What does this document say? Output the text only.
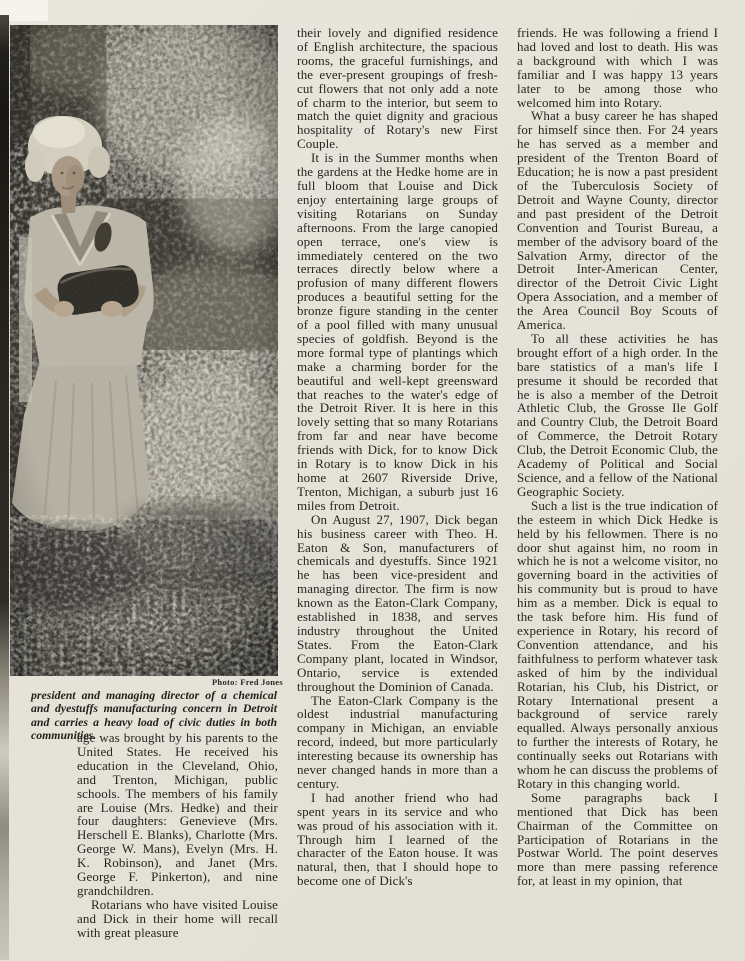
Photo: Fred Jones

president and managing director of a chemical and dyestuffs manufacturing concern in Detroit and carries a heavy load of civic duties in both communities.

age was brought by his parents to the United States. He received his education in the Cleveland, Ohio, and Trenton, Michigan, public schools. The members of his family are Louise (Mrs. Hedke) and their four daughters: Genevieve (Mrs. Herschell E. Blanks), Charlotte (Mrs. George W. Mans), Evelyn (Mrs. H. K. Robinson), and Janet (Mrs. George F. Pinkerton), and nine grandchildren.

Rotarians who have visited Louise and Dick in their home will recall with great pleasure

their lovely and dignified residence of English architecture, the spacious rooms, the graceful furnishings, and the ever-present groupings of fresh-cut flowers that not only add a note of charm to the interior, but seem to match the quiet dignity and gracious hospitality of Rotary's new First Couple.

It is in the Summer months when the gardens at the Hedke home are in full bloom that Louise and Dick enjoy entertaining large groups of visiting Rotarians on Sunday afternoons. From the large canopied open terrace, one's view is immediately centered on the two terraces directly below where a profusion of many different flowers produces a beautiful setting for the bronze figure standing in the center of a pool filled with many unusual species of goldfish. Beyond is the more formal type of plantings which make a charming border for the beautiful and well-kept greensward that reaches to the water's edge of the Detroit River. It is here in this lovely setting that so many Rotarians from far and near have become friends with Dick, for to know Dick in Rotary is to know Dick in his home at 2607 Riverside Drive, Trenton, Michigan, a suburb just 16 miles from Detroit.

On August 27, 1907, Dick began his business career with Theo. H. Eaton & Son, manufacturers of chemicals and dyestuffs. Since 1921 he has been vice-president and managing director. The firm is now known as the Eaton-Clark Company, established in 1838, and serves industry throughout the United States. From the Eaton-Clark Company plant, located in Windsor, Ontario, service is extended throughout the Dominion of Canada.

The Eaton-Clark Company is the oldest industrial manufacturing company in Michigan, an enviable record, indeed, but more particularly interesting because its ownership has never changed hands in more than a century.

I had another friend who had spent years in its service and who was proud of his association with it. Through him I learned of the character of the Eaton house. It was natural, then, that I should hope to become one of Dick's

friends. He was following a friend I had loved and lost to death. His was a background with which I was familiar and I was happy 13 years later to be among those who welcomed him into Rotary.

What a busy career he has shaped for himself since then. For 24 years he has served as a member and president of the Trenton Board of Education; he is now a past president of the Tuberculosis Society of Detroit and Wayne County, director and past president of the Detroit Convention and Tourist Bureau, a member of the advisory board of the Salvation Army, director of the Detroit Inter-American Center, director of the Detroit Civic Light Opera Association, and a member of the Area Council Boy Scouts of America.

To all these activities he has brought effort of a high order. In the bare statistics of a man's life I presume it should be recorded that he is also a member of the Detroit Athletic Club, the Grosse Ile Golf and Country Club, the Detroit Board of Commerce, the Detroit Rotary Club, the Detroit Economic Club, the Academy of Political and Social Science, and a fellow of the National Geographic Society.

Such a list is the true indication of the esteem in which Dick Hedke is held by his fellowmen. There is no door shut against him, no room in which he is not a welcome visitor, no governing board in the activities of his community but is proud to have him as a member. Dick is equal to the task before him. His fund of experience in Rotary, his record of Convention attendance, and his faithfulness to perform whatever task asked of him by the individual Rotarian, his Club, his District, or Rotary International present a background of service rarely equalled. Always personally anxious to further the interests of Rotary, he continually seeks out Rotarians with whom he can discuss the problems of Rotary in this changing world.

Some paragraphs back I mentioned that Dick has been Chairman of the Committee on Participation of Rotarians in the Postwar World. The point deserves more than mere passing reference for, at least in my opinion, that
